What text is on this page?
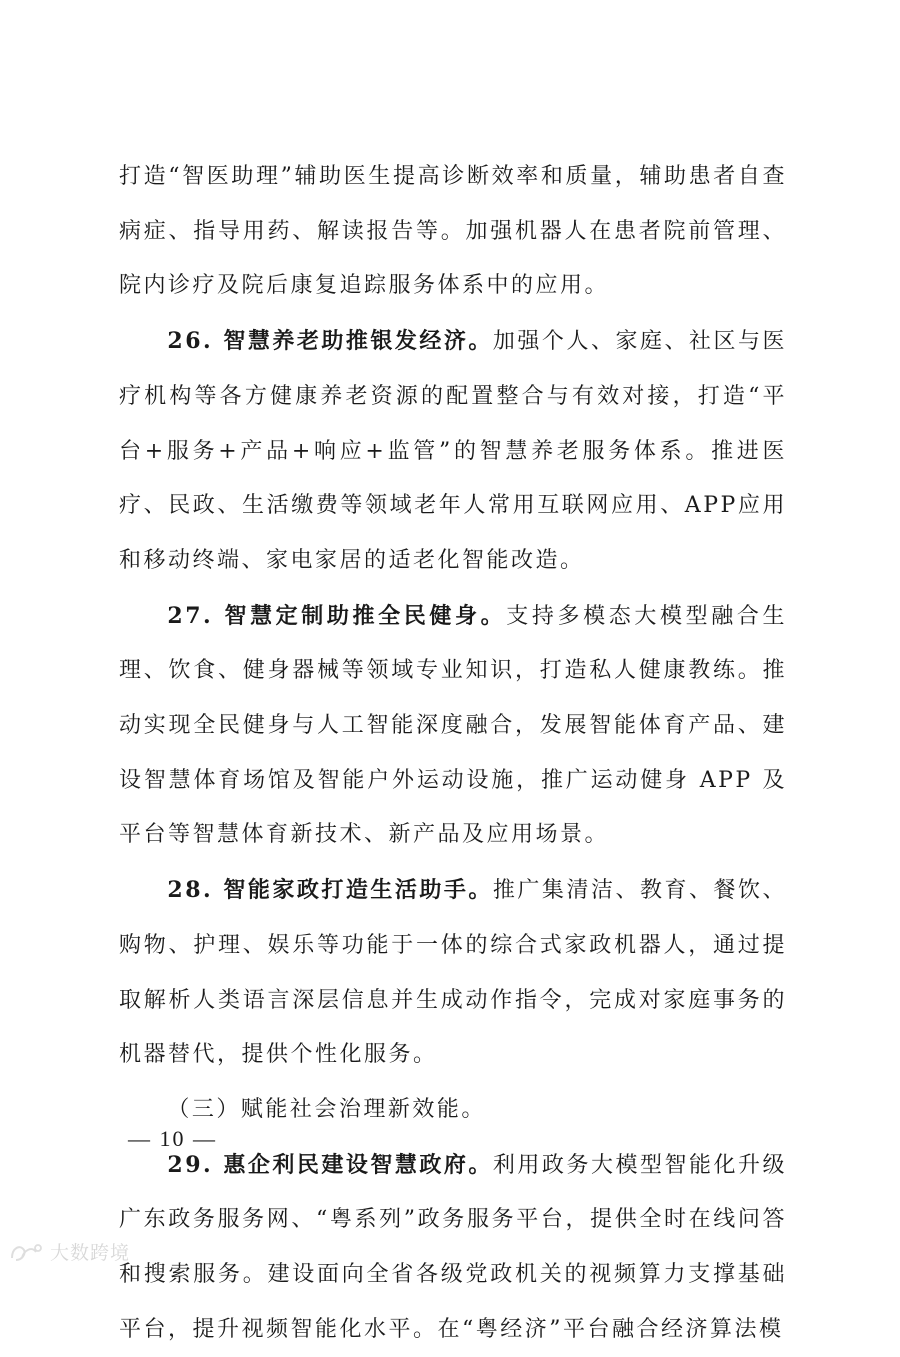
打造“智医助理”辅助医生提高诊断效率和质量，辅助患者自查病症、指导用药、解读报告等。加强机器人在患者院前管理、院内诊疗及院后康复追踪服务体系中的应用。

26. 智慧养老助推银发经济。加强个人、家庭、社区与医疗机构等各方健康养老资源的配置整合与有效对接，打造“平台+服务+产品+响应+监管”的智慧养老服务体系。推进医疗、民政、生活缴费等领域老年人常用互联网应用、APP应用和移动终端、家电家居的适老化智能改造。

27. 智慧定制助推全民健身。支持多模态大模型融合生理、饮食、健身器械等领域专业知识，打造私人健康教练。推动实现全民健身与人工智能深度融合，发展智能体育产品、建设智慧体育场馆及智能户外运动设施，推广运动健身 APP 及平台等智慧体育新技术、新产品及应用场景。

28. 智能家政打造生活助手。推广集清洁、教育、餐饮、购物、护理、娱乐等功能于一体的综合式家政机器人，通过提取解析人类语言深层信息并生成动作指令，完成对家庭事务的机器替代，提供个性化服务。

（三）赋能社会治理新效能。

29. 惠企利民建设智慧政府。利用政务大模型智能化升级广东政务服务网、“粤系列”政务服务平台，提供全时在线问答和搜索服务。建设面向全省各级党政机关的视频算力支撑基础平台，提升视频智能化水平。在“粤经济”平台融合经济算法模

— 10 —
大数跨境
